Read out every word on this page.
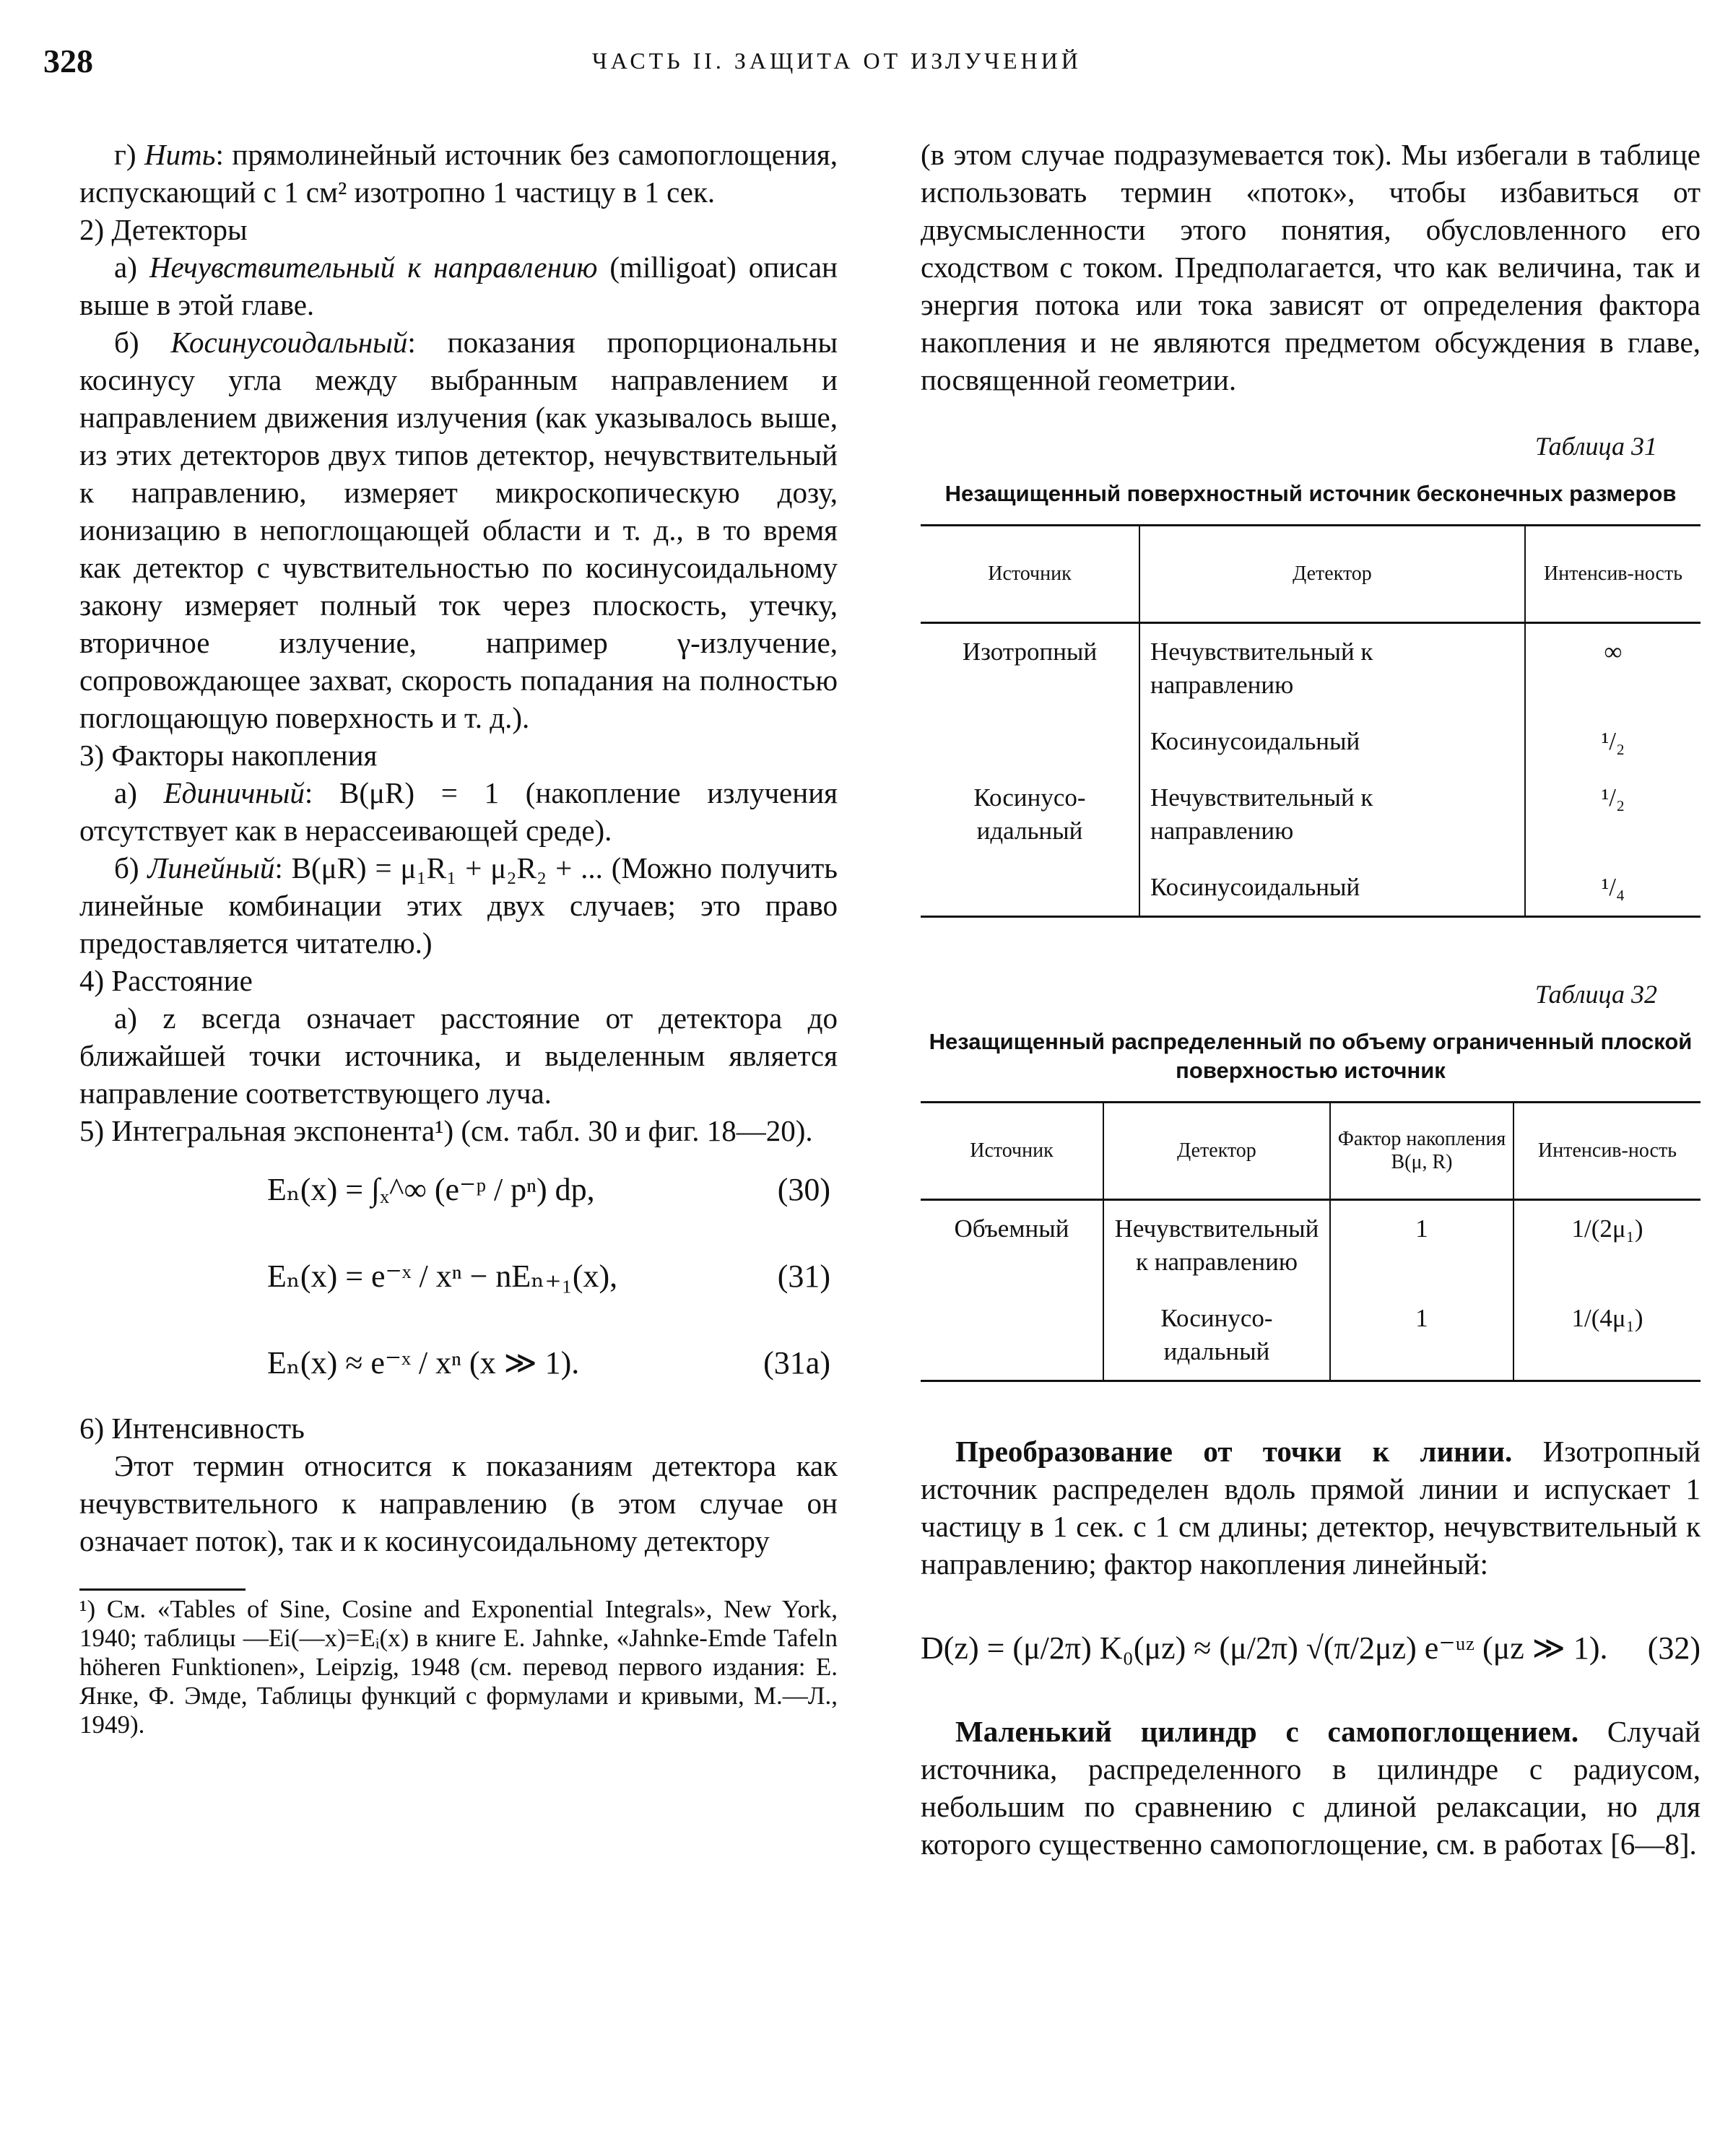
328	ЧАСТЬ II. ЗАЩИТА ОТ ИЗЛУЧЕНИЙ

г) Нить: прямолинейный источник без самопоглощения, испускающий с 1 см² изотропно 1 частицу в 1 сек.

2) Детекторы

а) Нечувствительный к направлению (milligoat) описан выше в этой главе.

б) Косинусоидальный: показания пропорциональны косинусу угла между выбранным направлением и направлением движения излучения (как указывалось выше, из этих детекторов двух типов детектор, нечувствительный к направлению, измеряет микроскопическую дозу, ионизацию в непоглощающей области и т. д., в то время как детектор с чувствительностью по косинусоидальному закону измеряет полный ток через плоскость, утечку, вторичное излучение, например γ-излучение, сопровождающее захват, скорость попадания на полностью поглощающую поверхность и т. д.).

3) Факторы накопления

а) Единичный: B(μR) = 1 (накопление излучения отсутствует как в нерассеивающей среде).

б) Линейный: B(μR) = μ₁R₁ + μ₂R₂ + ... (Можно получить линейные комбинации этих двух случаев; это право предоставляется читателю.)

4) Расстояние

а) z всегда означает расстояние от детектора до ближайшей точки источника, и выделенным является направление соответствующего луча.

5) Интегральная экспонента¹) (см. табл. 30 и фиг. 18—20).

Eₙ(x) = ∫ₓ^∞ (e⁻ᵖ / pⁿ) dp,	(30)
Eₙ(x) = e⁻ˣ / xⁿ − nEₙ₊₁(x),	(31)
Eₙ(x) ≈ e⁻ˣ / xⁿ (x ≫ 1).	(31a)

6) Интенсивность

Этот термин относится к показаниям детектора как нечувствительного к направлению (в этом случае он означает поток), так и к косинусоидальному детектору

¹) См. «Tables of Sine, Cosine and Exponential Integrals», New York, 1940; таблицы —Ei(—x)=Eᵢ(x) в книге E. Jahnke, «Jahnke-Emde Tafeln höheren Funktionen», Leipzig, 1948 (см. перевод первого издания: Е. Янке, Ф. Эмде, Таблицы функций с формулами и кривыми, М.—Л., 1949).

(в этом случае подразумевается ток). Мы избегали в таблице использовать термин «поток», чтобы избавиться от двусмысленности этого понятия, обусловленного его сходством с током. Предполагается, что как величина, так и энергия потока или тока зависят от определения фактора накопления и не являются предметом обсуждения в главе, посвященной геометрии.

Таблица 31

Незащищенный поверхностный источник бесконечных размеров

Источник	Детектор	Интенсив-ность
Изотропный	Нечувствительный к направлению	∞
	Косинусоидальный	¹/₂
Косинусо-идальный	Нечувствительный к направлению	¹/₂
	Косинусоидальный	¹/₄

Таблица 32

Незащищенный распределенный по объему ограниченный плоской поверхностью источник

Источник	Детектор	Фактор накопления B(μ, R)	Интенсив-ность
Объемный	Нечувствительный к направлению	1	1/(2μ₁)
	Косинусо-идальный	1	1/(4μ₁)

Преобразование от точки к линии. Изотропный источник распределен вдоль прямой линии и испускает 1 частицу в 1 сек. с 1 см длины; детектор, нечувствительный к направлению; фактор накопления линейный:

D(z) = (μ/2π) K₀(μz) ≈ (μ/2π) √(π/2μz) e⁻ᵘᶻ (μz ≫ 1). (32)

Маленький цилиндр с самопоглощением. Случай источника, распределенного в цилиндре с радиусом, небольшим по сравнению с длиной релаксации, но для которого существенно самопоглощение, см. в работах [6—8].
